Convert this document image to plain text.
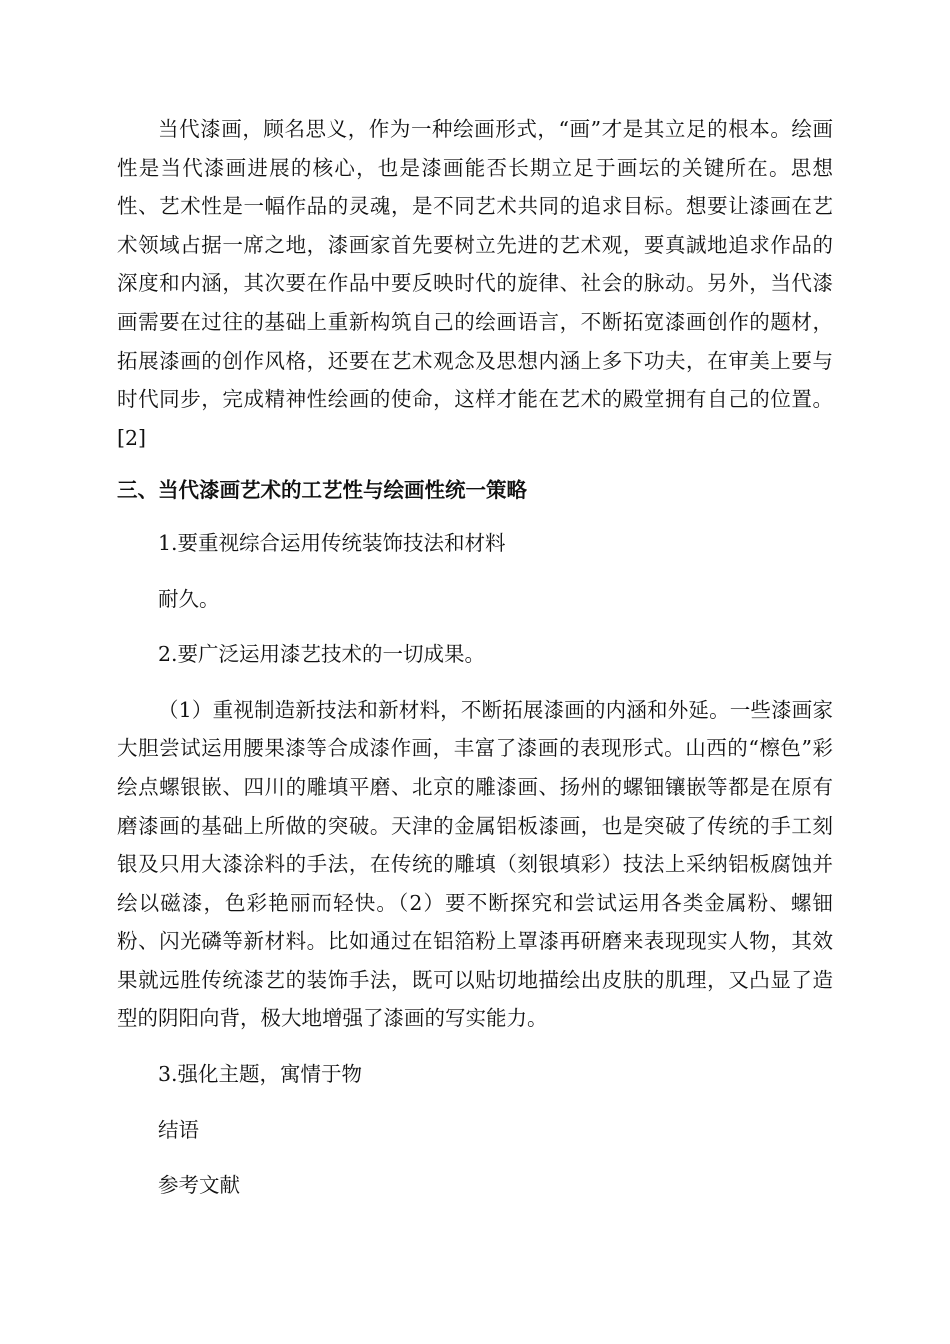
当代漆画，顾名思义，作为一种绘画形式，“画”才是其立足的根本。绘画性是当代漆画进展的核心，也是漆画能否长期立足于画坛的关键所在。思想性、艺术性是一幅作品的灵魂，是不同艺术共同的追求目标。想要让漆画在艺术领域占据一席之地，漆画家首先要树立先进的艺术观，要真誠地追求作品的深度和内涵，其次要在作品中要反映时代的旋律、社会的脉动。另外，当代漆画需要在过往的基础上重新构筑自己的绘画语言，不断拓宽漆画创作的题材，拓展漆画的创作风格，还要在艺术观念及思想内涵上多下功夫，在审美上要与时代同步，完成精神性绘画的使命，这样才能在艺术的殿堂拥有自己的位置。[2]

三、当代漆画艺术的工艺性与绘画性统一策略

1.要重视综合运用传统装饰技法和材料

耐久。

2.要广泛运用漆艺技术的一切成果。

（1）重视制造新技法和新材料，不断拓展漆画的内涵和外延。一些漆画家大胆尝试运用腰果漆等合成漆作画，丰富了漆画的表现形式。山西的“檫色”彩绘点螺银嵌、四川的雕填平磨、北京的雕漆画、扬州的螺钿镶嵌等都是在原有磨漆画的基础上所做的突破。天津的金属铝板漆画，也是突破了传统的手工刻银及只用大漆涂料的手法，在传统的雕填（刻银填彩）技法上采纳铝板腐蚀并绘以磁漆，色彩艳丽而轻快。（2）要不断探究和尝试运用各类金属粉、螺钿粉、闪光磷等新材料。比如通过在铝箔粉上罩漆再研磨来表现现实人物，其效果就远胜传统漆艺的装饰手法，既可以贴切地描绘出皮肤的肌理，又凸显了造型的阴阳向背，极大地增强了漆画的写实能力。

3.强化主题，寓情于物

结语

参考文献
